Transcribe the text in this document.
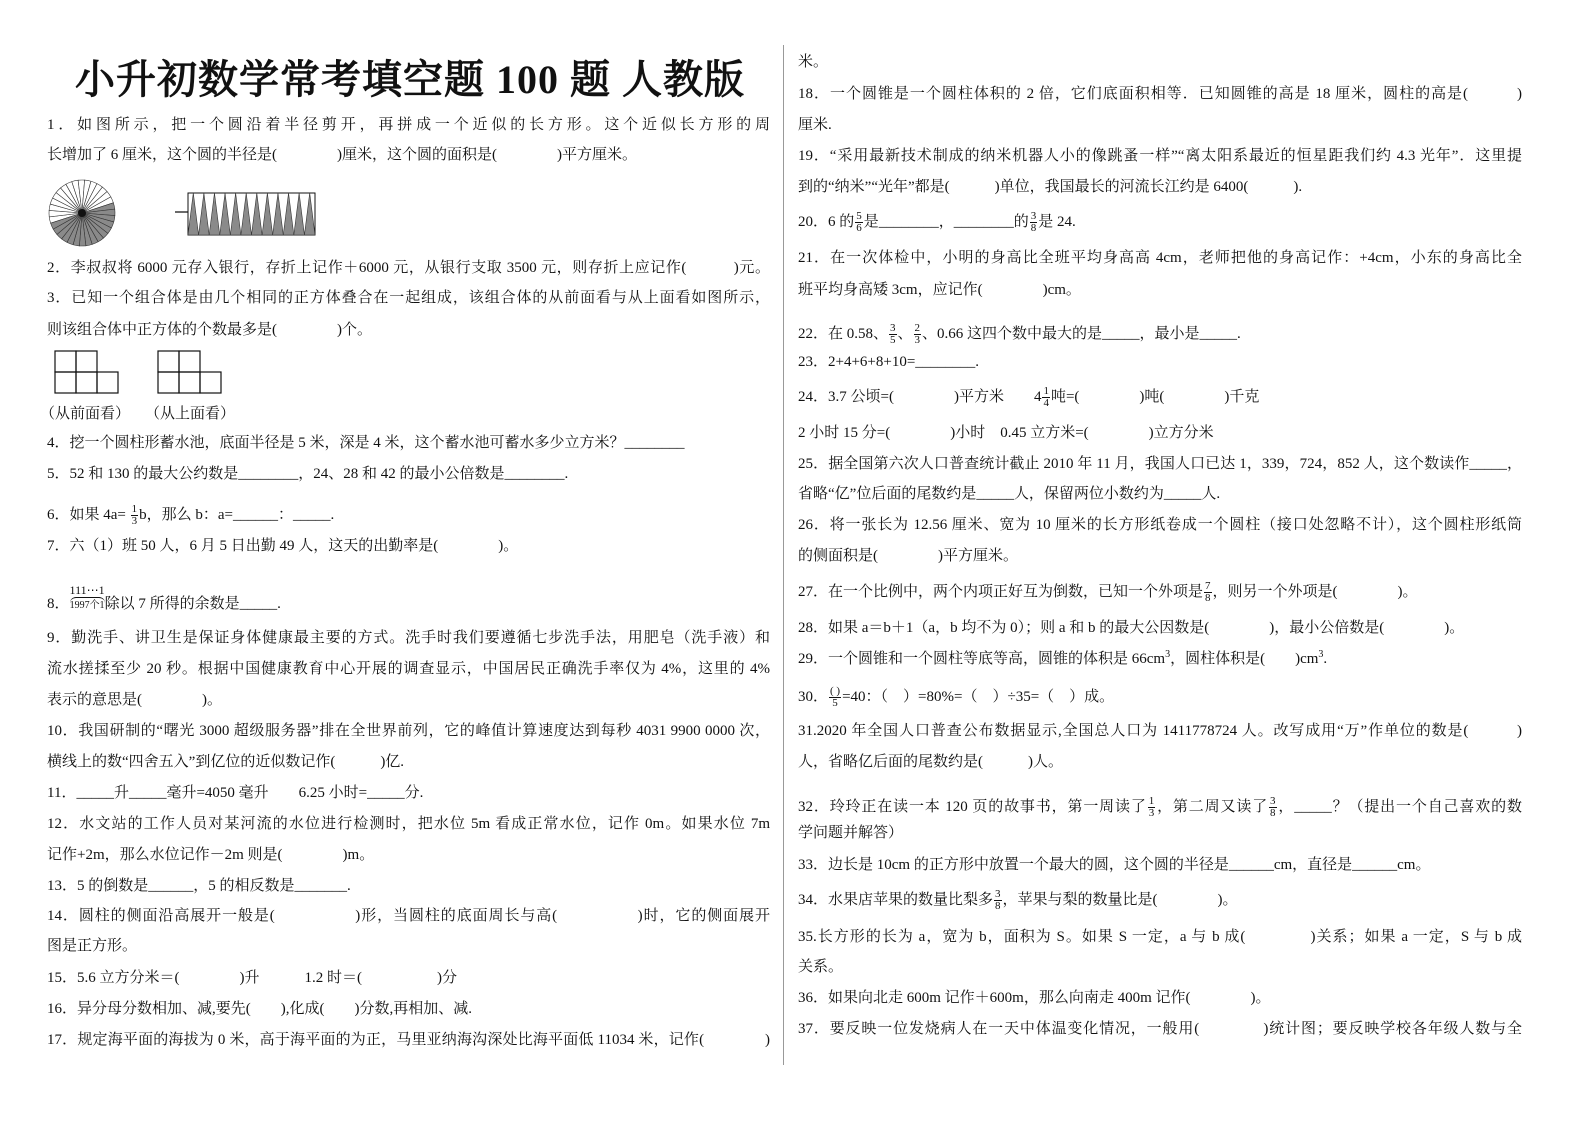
小升初数学常考填空题 100 题 人教版
1．如图所示，把一个圆沿着半径剪开，再拼成一个近似的长方形。这个近似长方形的周
长增加了 6 厘米，这个圆的半径是(　　　　)厘米，这个圆的面积是(　　　　)平方厘米。
2．李叔叔将 6000 元存入银行，存折上记作＋6000 元，从银行支取 3500 元，则存折上应记作(　　　)元。
3．已知一个组合体是由几个相同的正方体叠合在一起组成，该组合体的从前面看与从上面看如图所示，
则该组合体中正方体的个数最多是(　　　　)个。
4．挖一个圆柱形蓄水池，底面半径是 5 米，深是 4 米，这个蓄水池可蓄水多少立方米？________
5．52 和 130 的最大公约数是________，24、28 和 42 的最小公倍数是________.
6．如果 $4a= \frac{1}{3}$ b，那么 b：a=______：_____.
7．六（1）班 50 人，6 月 5 日出勤 49 人，这天的出勤率是(　　　　)。
8．
111⋯1
1997个1 除以 7 所得的余数是_____.
9．勤洗手、讲卫生是保证身体健康最主要的方式。洗手时我们要遵循七步洗手法，用肥皂（洗手液）和
流水搓揉至少 20 秒。根据中国健康教育中心开展的调查显示，中国居民正确洗手率仅为 4%，这里的 4%
表示的意思是(　　　　)。
10．我国研制的“曙光 3000 超级服务器”排在全世界前列，它的峰值计算速度达到每秒 4031 9900 0000 次，
横线上的数“四舍五入”到亿位的近似数记作(　　　)亿.
11．_____升_____毫升=4050 毫升　　6.25 小时=_____分.
12．水文站的工作人员对某河流的水位进行检测时，把水位 5m 看成正常水位，记作 0m。如果水位 7m
记作+2m，那么水位记作－2m 则是(　　　　)m。
13．5 的倒数是______，5 的相反数是_______.
14．圆柱的侧面沿高展开一般是(　　　　　)形，当圆柱的底面周长与高(　　　　　)时，它的侧面展开
图是正方形。
15．5.6 立方分米＝(　　　　)升　　　1.2 时＝(　　　　　)分
16．异分母分数相加、减,要先(　　),化成(　　)分数,再相加、减.
17．规定海平面的海拔为 0 米，高于海平面的为正，马里亚纳海沟深处比海平面低 11034 米，记作(　　　　)
米。
18．一个圆锥是一个圆柱体积的 2 倍，它们底面积相等．已知圆锥的高是 18 厘米，圆柱的高是(　　　)
厘米.
19．“采用最新技术制成的纳米机器人小的像跳蚤一样”“离太阳系最近的恒星距我们约 4.3 光年”．这里提
到的“纳米”“光年”都是(　　　)单位，我国最长的河流长江约是 6400(　　　).
20．6 的 $\frac{5}{6}$ 是________，________的 $\frac{3}{8}$ 是 24.
21．在一次体检中，小明的身高比全班平均身高高 4cm，老师把他的身高记作：+4cm，小东的身高比全
班平均身高矮 3cm，应记作(　　　　)cm。
22．在 0.58、 $\frac{3}{5}$ 、 $\frac{2}{3}$ 、0.66 这四个数中最大的是_____，最小是_____.
23．2+4+6+8+10=________.
24．3.7 公顷=(　　　　)平方米　　$4 \frac{1}{4}$ 吨=(　　　　)吨(　　　　)千克
2 小时 15 分=(　　　　)小时　0.45 立方米=(　　　　)立方分米
25．据全国第六次人口普查统计截止 2010 年 11 月，我国人口已达 1，339，724，852 人，这个数读作_____，
省略“亿”位后面的尾数约是_____人，保留两位小数约为_____人.
26．将一张长为 12.56 厘米、宽为 10 厘米的长方形纸卷成一个圆柱（接口处忽略不计），这个圆柱形纸筒
的侧面积是(　　　　)平方厘米。
27．在一个比例中，两个内项正好互为倒数，已知一个外项是 $\frac{7}{8}$ ，则另一个外项是(　　　　)。
28．如果 a＝b＋1（a，b 均不为 0）；则 a 和 b 的最大公因数是(　　　　)，最小公倍数是(　　　　)。
29．一个圆锥和一个圆柱等底等高，圆锥的体积是 $66cm^3$，圆柱体积是(　　)$cm^3$.
30． $\frac{( )}{5} =40$：（　）=80%=（　）÷35=（　）成。
31.2020 年全国人口普查公布数据显示,全国总人口为 1411778724 人。改写成用“万”作单位的数是(　　　)
人，省略亿后面的尾数约是(　　　)人。
32．玲玲正在读一本 120 页的故事书，第一周读了 $\frac{1}{3}$ ，第二周又读了 $\frac{3}{8}$ ，_____？（提出一个自己喜欢的数
学问题并解答）
33．边长是 10cm 的正方形中放置一个最大的圆，这个圆的半径是______cm，直径是______cm。
34．水果店苹果的数量比梨多 $\frac{3}{8}$ ，苹果与梨的数量比是(　　　　)。
35.长方形的长为 a，宽为 b，面积为 S。如果 S 一定，a 与 b 成(　　　　)关系；如果 a 一定，S 与 b 成　　　　
关系。
36．如果向北走 600m 记作＋600m，那么向南走 400m 记作(　　　　)。
37．要反映一位发烧病人在一天中体温变化情况，一般用(　　　　)统计图；要反映学校各年级人数与全
（从前面看） （从上面看）
